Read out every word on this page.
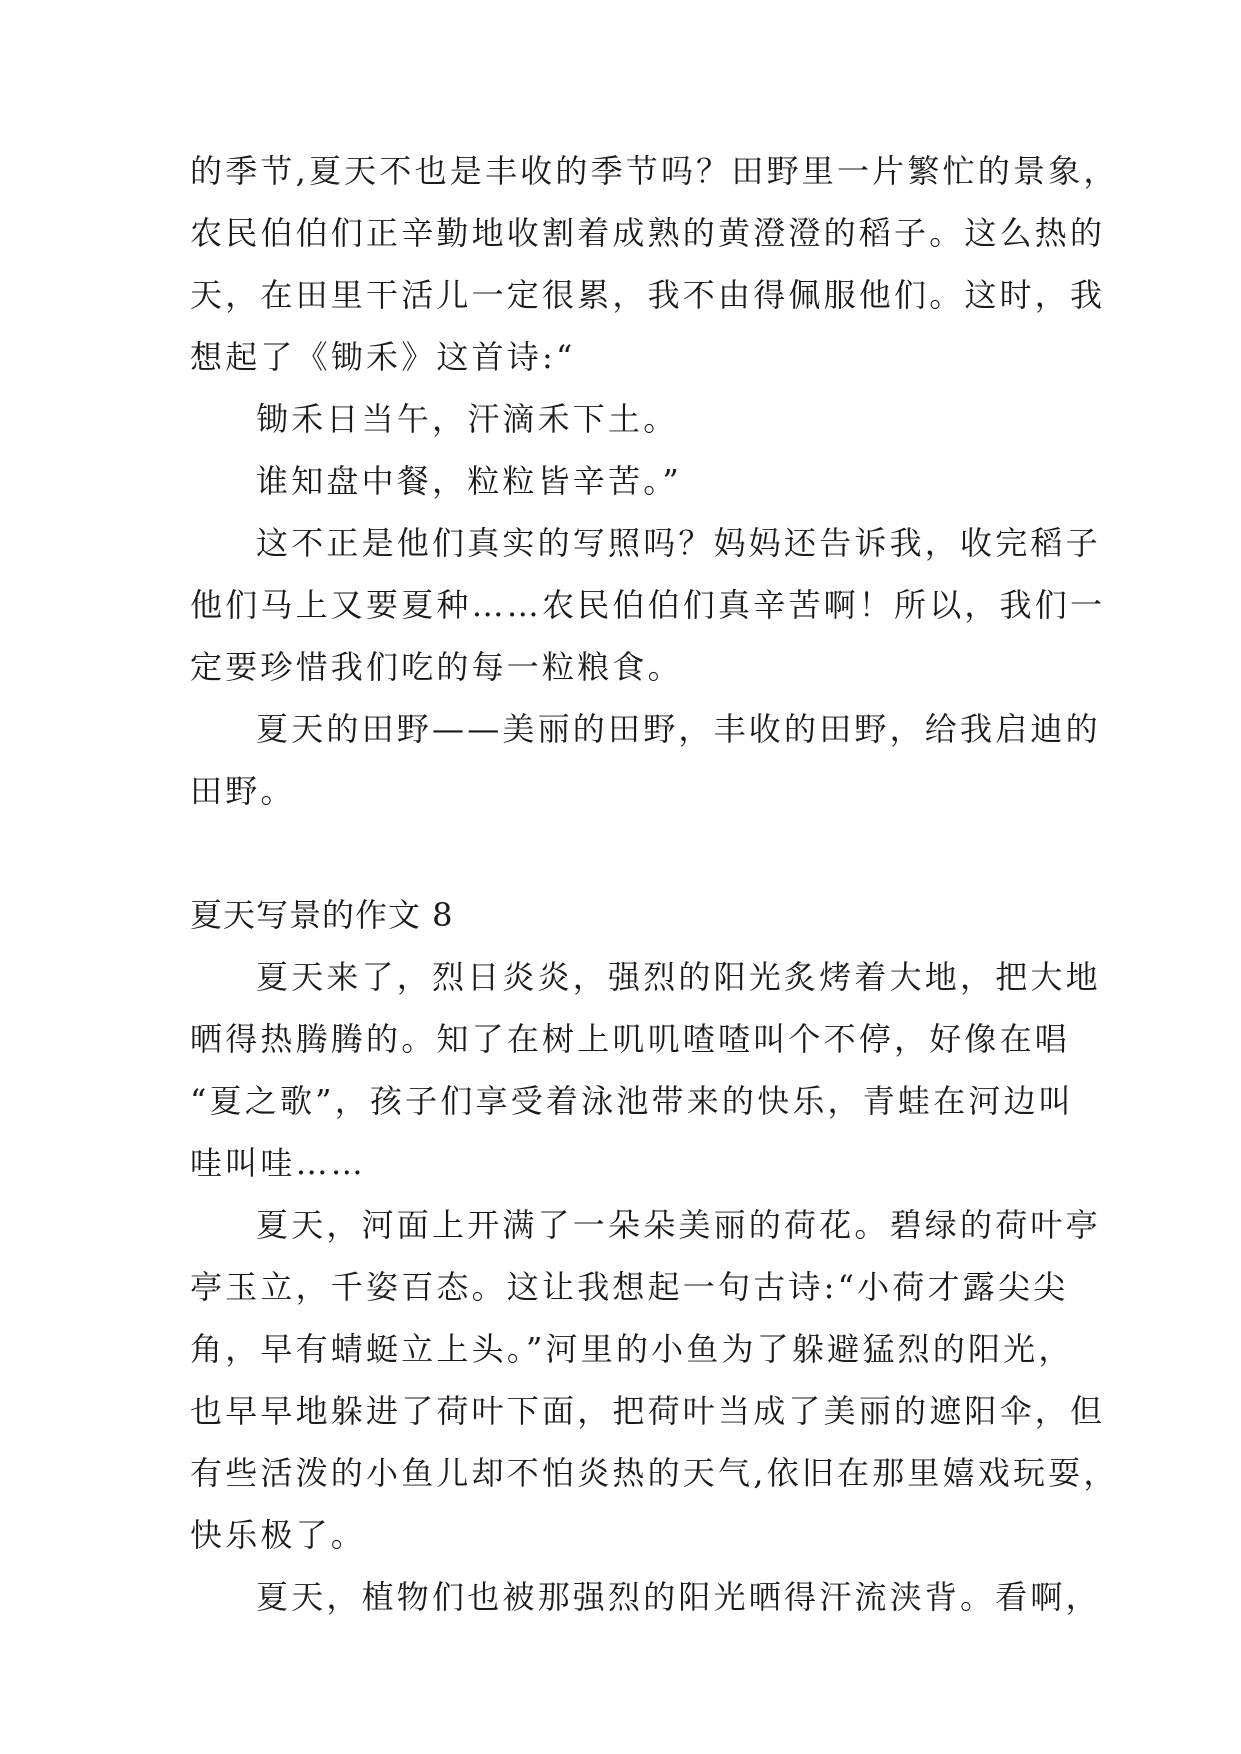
的季节,夏天不也是丰收的季节吗？田野里一片繁忙的景象，
农民伯伯们正辛勤地收割着成熟的黄澄澄的稻子。这么热的
天，在田里干活儿一定很累，我不由得佩服他们。这时，我
想起了《锄禾》这首诗:“
锄禾日当午，汗滴禾下土。
谁知盘中餐，粒粒皆辛苦。”
这不正是他们真实的写照吗？妈妈还告诉我，收完稻子
他们马上又要夏种……农民伯伯们真辛苦啊！所以，我们一
定要珍惜我们吃的每一粒粮食。
夏天的田野——美丽的田野，丰收的田野，给我启迪的
田野。
夏天写景的作文 8
夏天来了，烈日炎炎，强烈的阳光炙烤着大地，把大地
晒得热腾腾的。知了在树上叽叽喳喳叫个不停，好像在唱
“夏之歌”，孩子们享受着泳池带来的快乐，青蛙在河边叫
哇叫哇……
夏天，河面上开满了一朵朵美丽的荷花。碧绿的荷叶亭
亭玉立，千姿百态。这让我想起一句古诗:“小荷才露尖尖
角，早有蜻蜓立上头。”河里的小鱼为了躲避猛烈的阳光，
也早早地躲进了荷叶下面，把荷叶当成了美丽的遮阳伞，但
有些活泼的小鱼儿却不怕炎热的天气,依旧在那里嬉戏玩耍，
快乐极了。
夏天，植物们也被那强烈的阳光晒得汗流浃背。看啊，
